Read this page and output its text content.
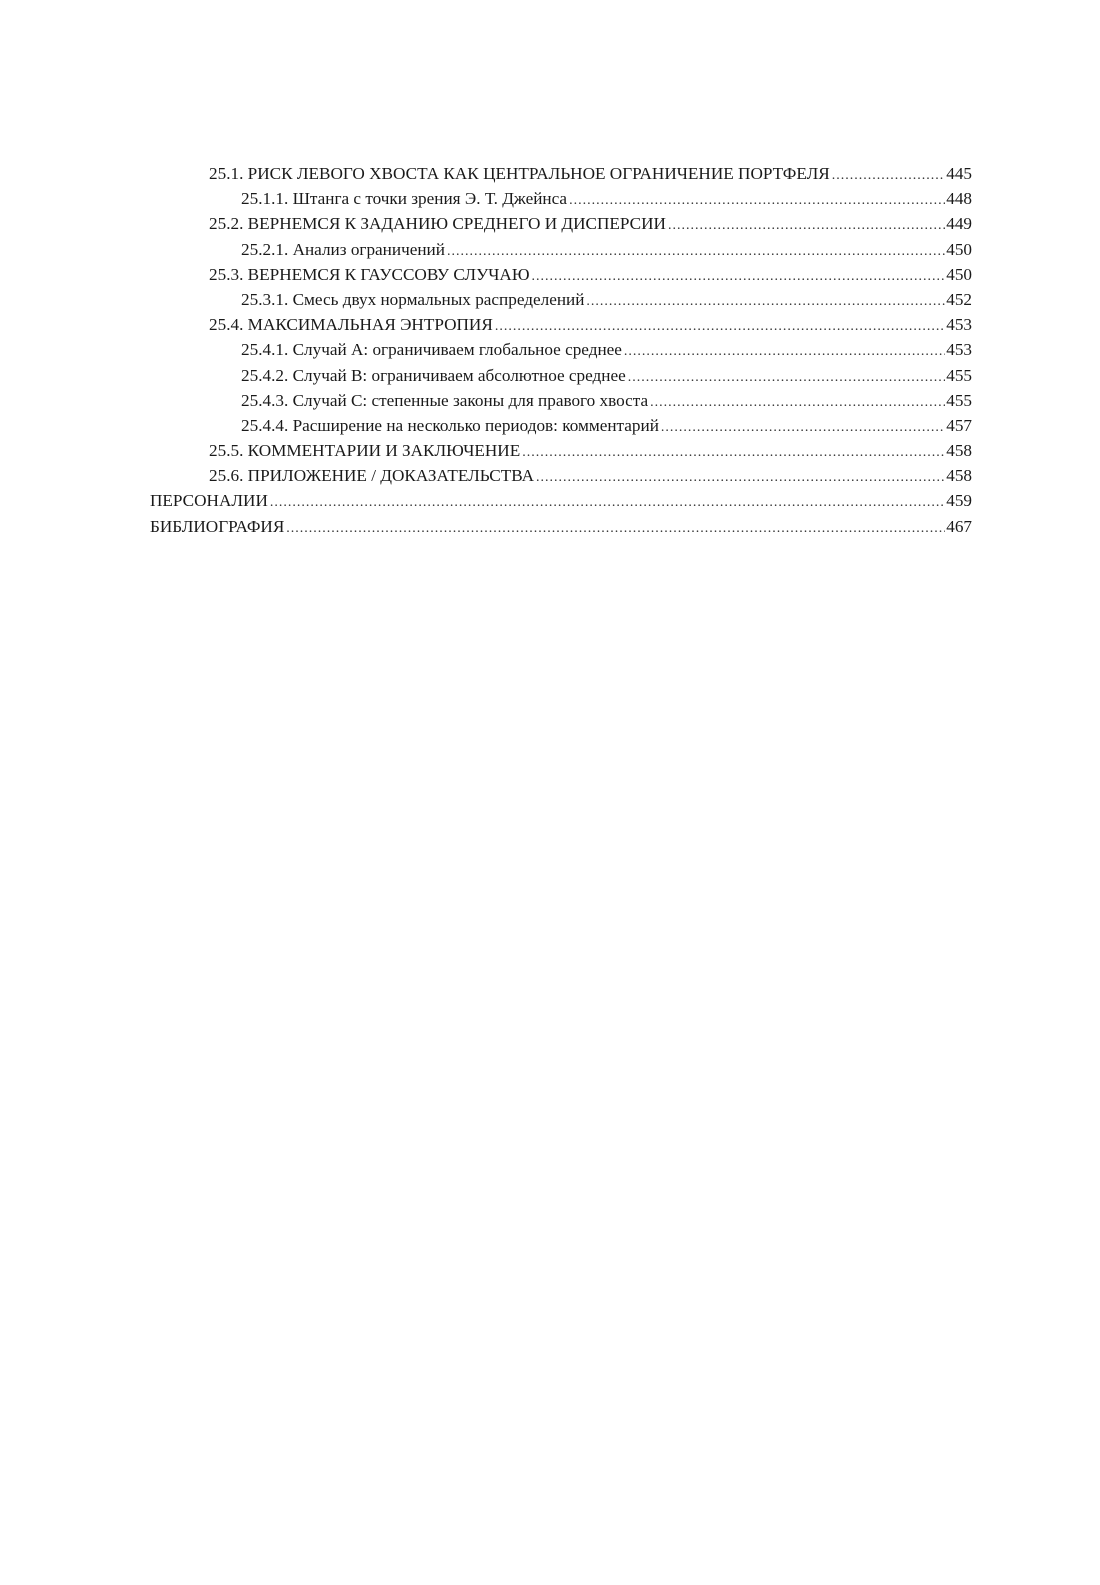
25.1. РИСК ЛЕВОГО ХВОСТА КАК ЦЕНТРАЛЬНОЕ ОГРАНИЧЕНИЕ ПОРТФЕЛЯ .....	445
25.1.1. Штанга с точки зрения Э. Т. Джейнса .....	448
25.2. ВЕРНЕМСЯ К ЗАДАНИЮ СРЕДНЕГО И ДИСПЕРСИИ .....	449
25.2.1. Анализ ограничений .....	450
25.3. ВЕРНЕМСЯ К ГАУССОВУ СЛУЧАЮ .....	450
25.3.1. Смесь двух нормальных распределений .....	452
25.4. МАКСИМАЛЬНАЯ ЭНТРОПИЯ .....	453
25.4.1. Случай A: ограничиваем глобальное среднее .....	453
25.4.2. Случай B: ограничиваем абсолютное среднее .....	455
25.4.3. Случай C: степенные законы для правого хвоста .....	455
25.4.4. Расширение на несколько периодов: комментарий .....	457
25.5. КОММЕНТАРИИ И ЗАКЛЮЧЕНИЕ .....	458
25.6. ПРИЛОЖЕНИЕ / ДОКАЗАТЕЛЬСТВА .....	458
ПЕРСОНАЛИИ .....	459
БИБЛИОГРАФИЯ .....	467
